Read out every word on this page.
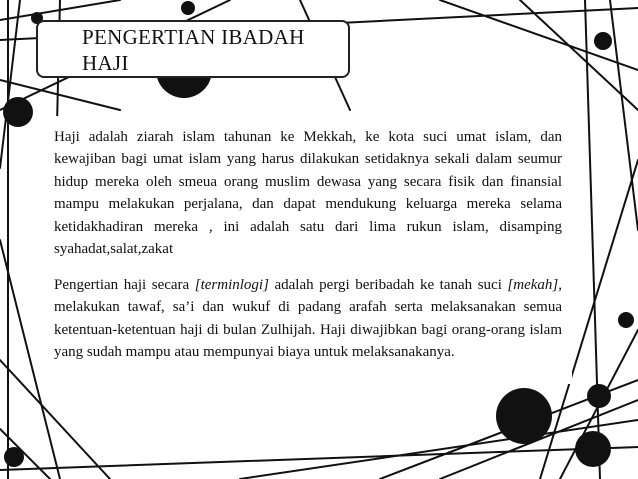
PENGERTIAN IBADAH HAJI

Haji adalah ziarah islam tahunan ke Mekkah, ke kota suci umat islam, dan kewajiban bagi umat islam yang harus dilakukan setidaknya sekali dalam seumur hidup mereka oleh smeua orang muslim dewasa yang secara fisik dan finansial mampu melakukan perjalana, dan dapat mendukung keluarga mereka selama ketidakhadiran mereka , ini adalah satu dari lima rukun islam, disamping syahadat,salat,zakat

Pengertian haji secara [terminlogi] adalah pergi beribadah ke tanah suci [mekah], melakukan tawaf, sa’i dan wukuf di padang arafah serta melaksanakan semua ketentuan-ketentuan haji di bulan Zulhijah. Haji diwajibkan bagi orang-orang islam yang sudah mampu atau mempunyai biaya untuk melaksanakanya.
